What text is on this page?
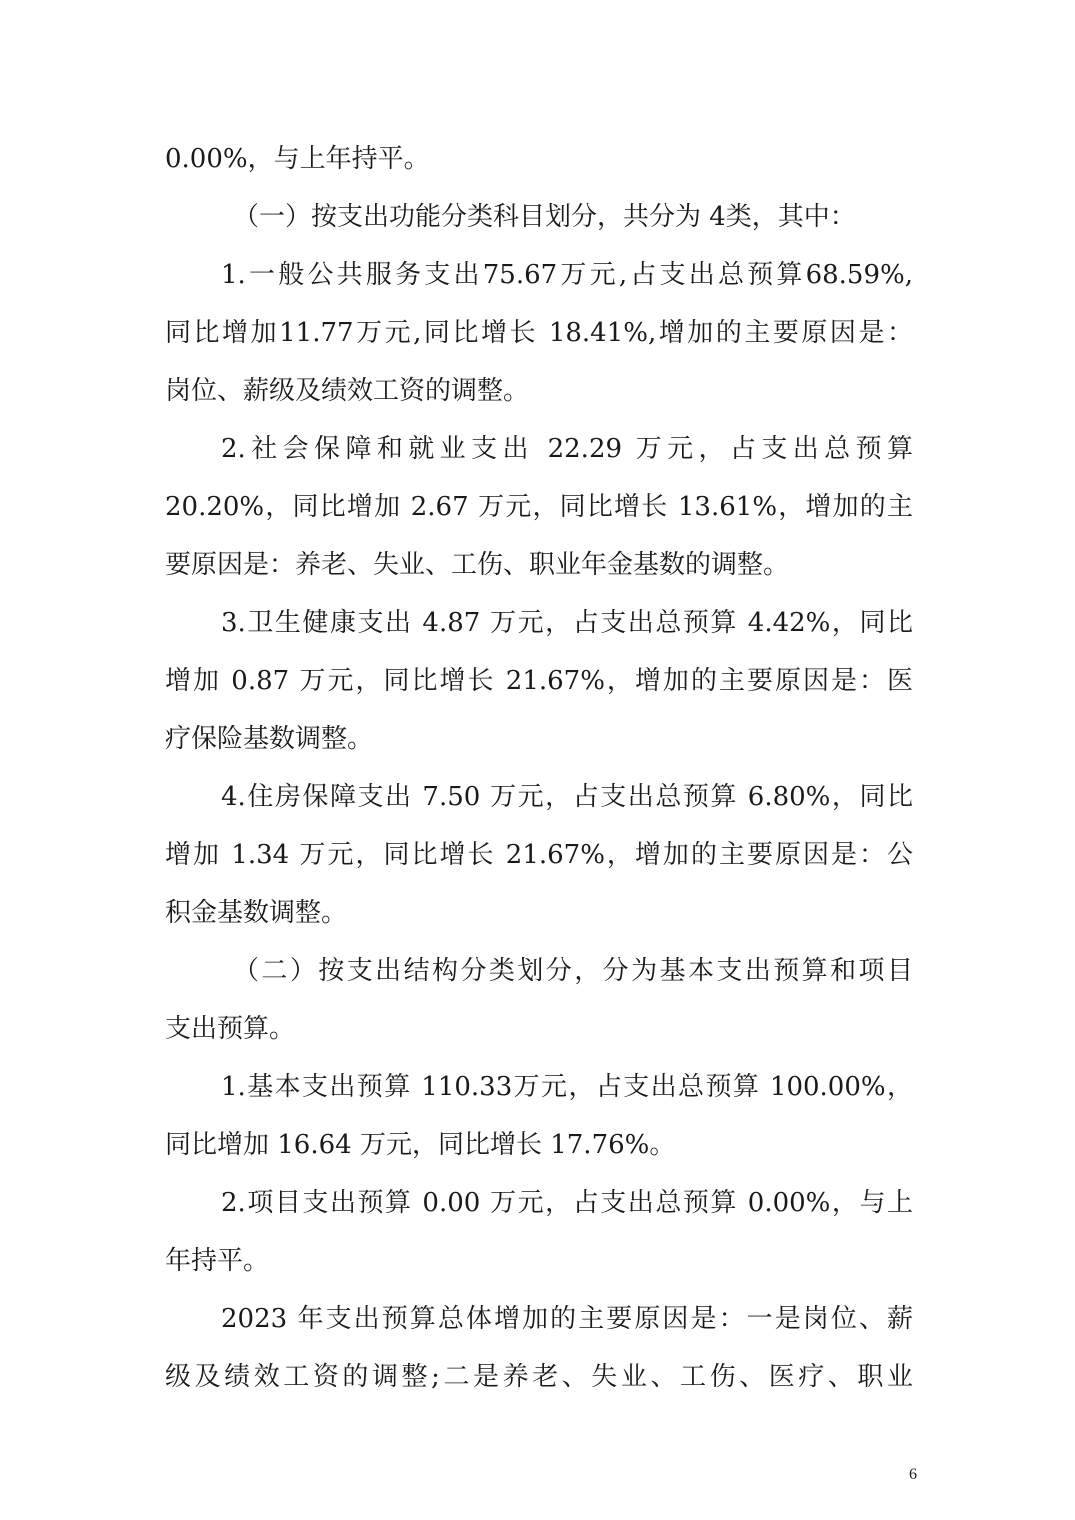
0.00%，与上年持平。
（一）按支出功能分类科目划分，共分为 4类，其中：
1.一般公共服务支出75.67万元,占支出总预算68.59%,
同比增加11.77万元,同比增长 18.41%,增加的主要原因是：
岗位、薪级及绩效工资的调整。
2.社会保障和就业支出 22.29 万元，占支出总预算
20.20%，同比增加 2.67 万元，同比增长 13.61%，增加的主
要原因是：养老、失业、工伤、职业年金基数的调整。
3.卫生健康支出 4.87 万元，占支出总预算 4.42%，同比
增加 0.87 万元，同比增长 21.67%，增加的主要原因是：医
疗保险基数调整。
4.住房保障支出 7.50 万元，占支出总预算 6.80%，同比
增加 1.34 万元，同比增长 21.67%，增加的主要原因是：公
积金基数调整。
（二）按支出结构分类划分，分为基本支出预算和项目
支出预算。
1.基本支出预算 110.33万元，占支出总预算 100.00%，
同比增加 16.64 万元，同比增长 17.76%。
2.项目支出预算 0.00 万元，占支出总预算 0.00%，与上
年持平。
2023 年支出预算总体增加的主要原因是：一是岗位、薪
级及绩效工资的调整;二是养老、失业、工伤、医疗、职业
6
